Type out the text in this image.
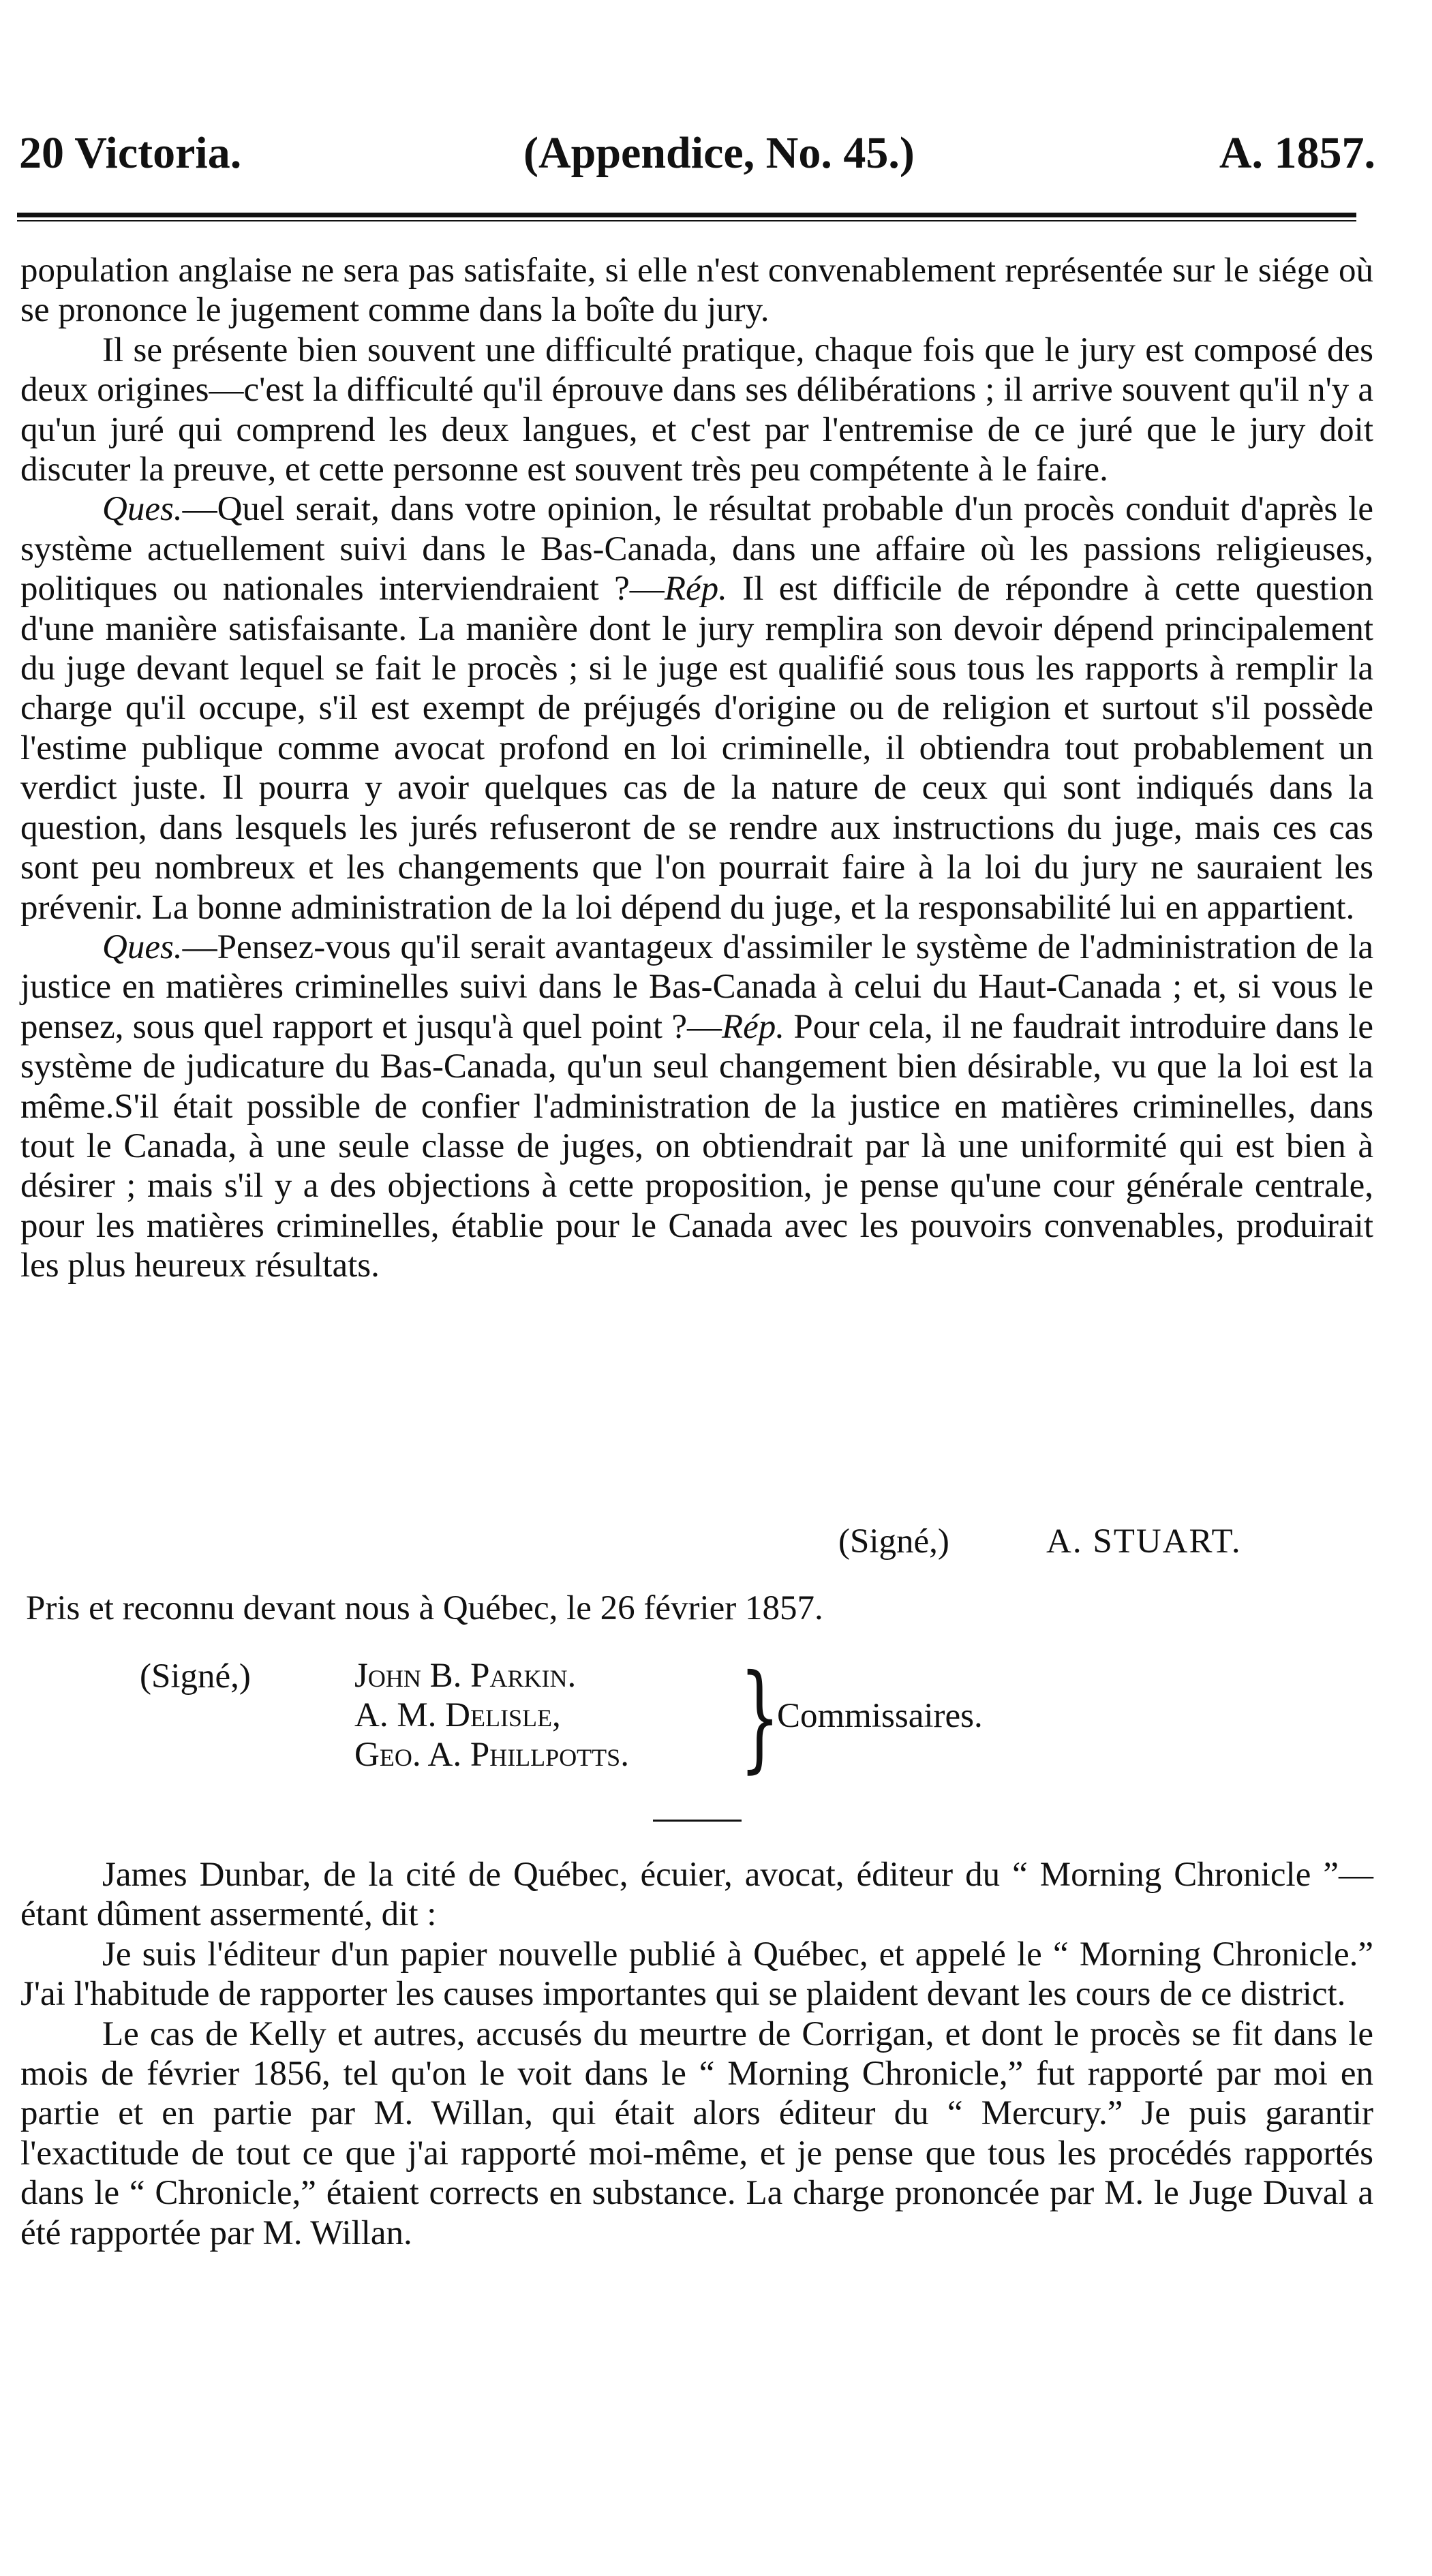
20 Victoria.	(Appendice, No. 45.)	A. 1857.

population anglaise ne sera pas satisfaite, si elle n'est convenablement représentée sur le siége où se prononce le jugement comme dans la boîte du jury.

Il se présente bien souvent une difficulté pratique, chaque fois que le jury est composé des deux origines—c'est la difficulté qu'il éprouve dans ses délibérations ; il arrive souvent qu'il n'y a qu'un juré qui comprend les deux langues, et c'est par l'entremise de ce juré que le jury doit discuter la preuve, et cette personne est souvent très peu compétente à le faire.

Ques.—Quel serait, dans votre opinion, le résultat probable d'un procès conduit d'après le système actuellement suivi dans le Bas-Canada, dans une affaire où les passions religieuses, politiques ou nationales interviendraient ?—Rép. Il est difficile de répondre à cette question d'une manière satisfaisante. La manière dont le jury remplira son devoir dépend principalement du juge devant lequel se fait le procès ; si le juge est qualifié sous tous les rapports à remplir la charge qu'il occupe, s'il est exempt de préjugés d'origine ou de religion et surtout s'il possède l'estime publique comme avocat profond en loi criminelle, il obtiendra tout probablement un verdict juste. Il pourra y avoir quelques cas de la nature de ceux qui sont indiqués dans la question, dans lesquels les jurés refuseront de se rendre aux instructions du juge, mais ces cas sont peu nombreux et les changements que l'on pourrait faire à la loi du jury ne sauraient les prévenir. La bonne administration de la loi dépend du juge, et la responsabilité lui en appartient.

Ques.—Pensez-vous qu'il serait avantageux d'assimiler le système de l'administration de la justice en matières criminelles suivi dans le Bas-Canada à celui du Haut-Canada ; et, si vous le pensez, sous quel rapport et jusqu'à quel point ?—Rép. Pour cela, il ne faudrait introduire dans le système de judicature du Bas-Canada, qu'un seul changement bien désirable, vu que la loi est la même.S'il était possible de confier l'administration de la justice en matières criminelles, dans tout le Canada, à une seule classe de juges, on obtiendrait par là une uniformité qui est bien à désirer ; mais s'il y a des objections à cette proposition, je pense qu'une cour générale centrale, pour les matières criminelles, établie pour le Canada avec les pouvoirs convenables, produirait les plus heureux résultats.

(Signé,)	A. STUART.
Pris et reconnu devant nous à Québec, le 26 février 1857.
(Signé,)	John B. Parkin.
A. M. Delisle,
Geo. A. Phillpotts. }
Commissaires.

James Dunbar, de la cité de Québec, écuier, avocat, éditeur du “ Morning Chronicle ”—étant dûment assermenté, dit :

Je suis l'éditeur d'un papier nouvelle publié à Québec, et appelé le “ Morning Chronicle.” J'ai l'habitude de rapporter les causes importantes qui se plaident devant les cours de ce district.

Le cas de Kelly et autres, accusés du meurtre de Corrigan, et dont le procès se fit dans le mois de février 1856, tel qu'on le voit dans le “ Morning Chronicle,” fut rapporté par moi en partie et en partie par M. Willan, qui était alors éditeur du “ Mercury.” Je puis garantir l'exactitude de tout ce que j'ai rapporté moi-même, et je pense que tous les procédés rapportés dans le “ Chronicle,” étaient corrects en substance. La charge prononcée par M. le Juge Duval a été rapportée par M. Willan.
